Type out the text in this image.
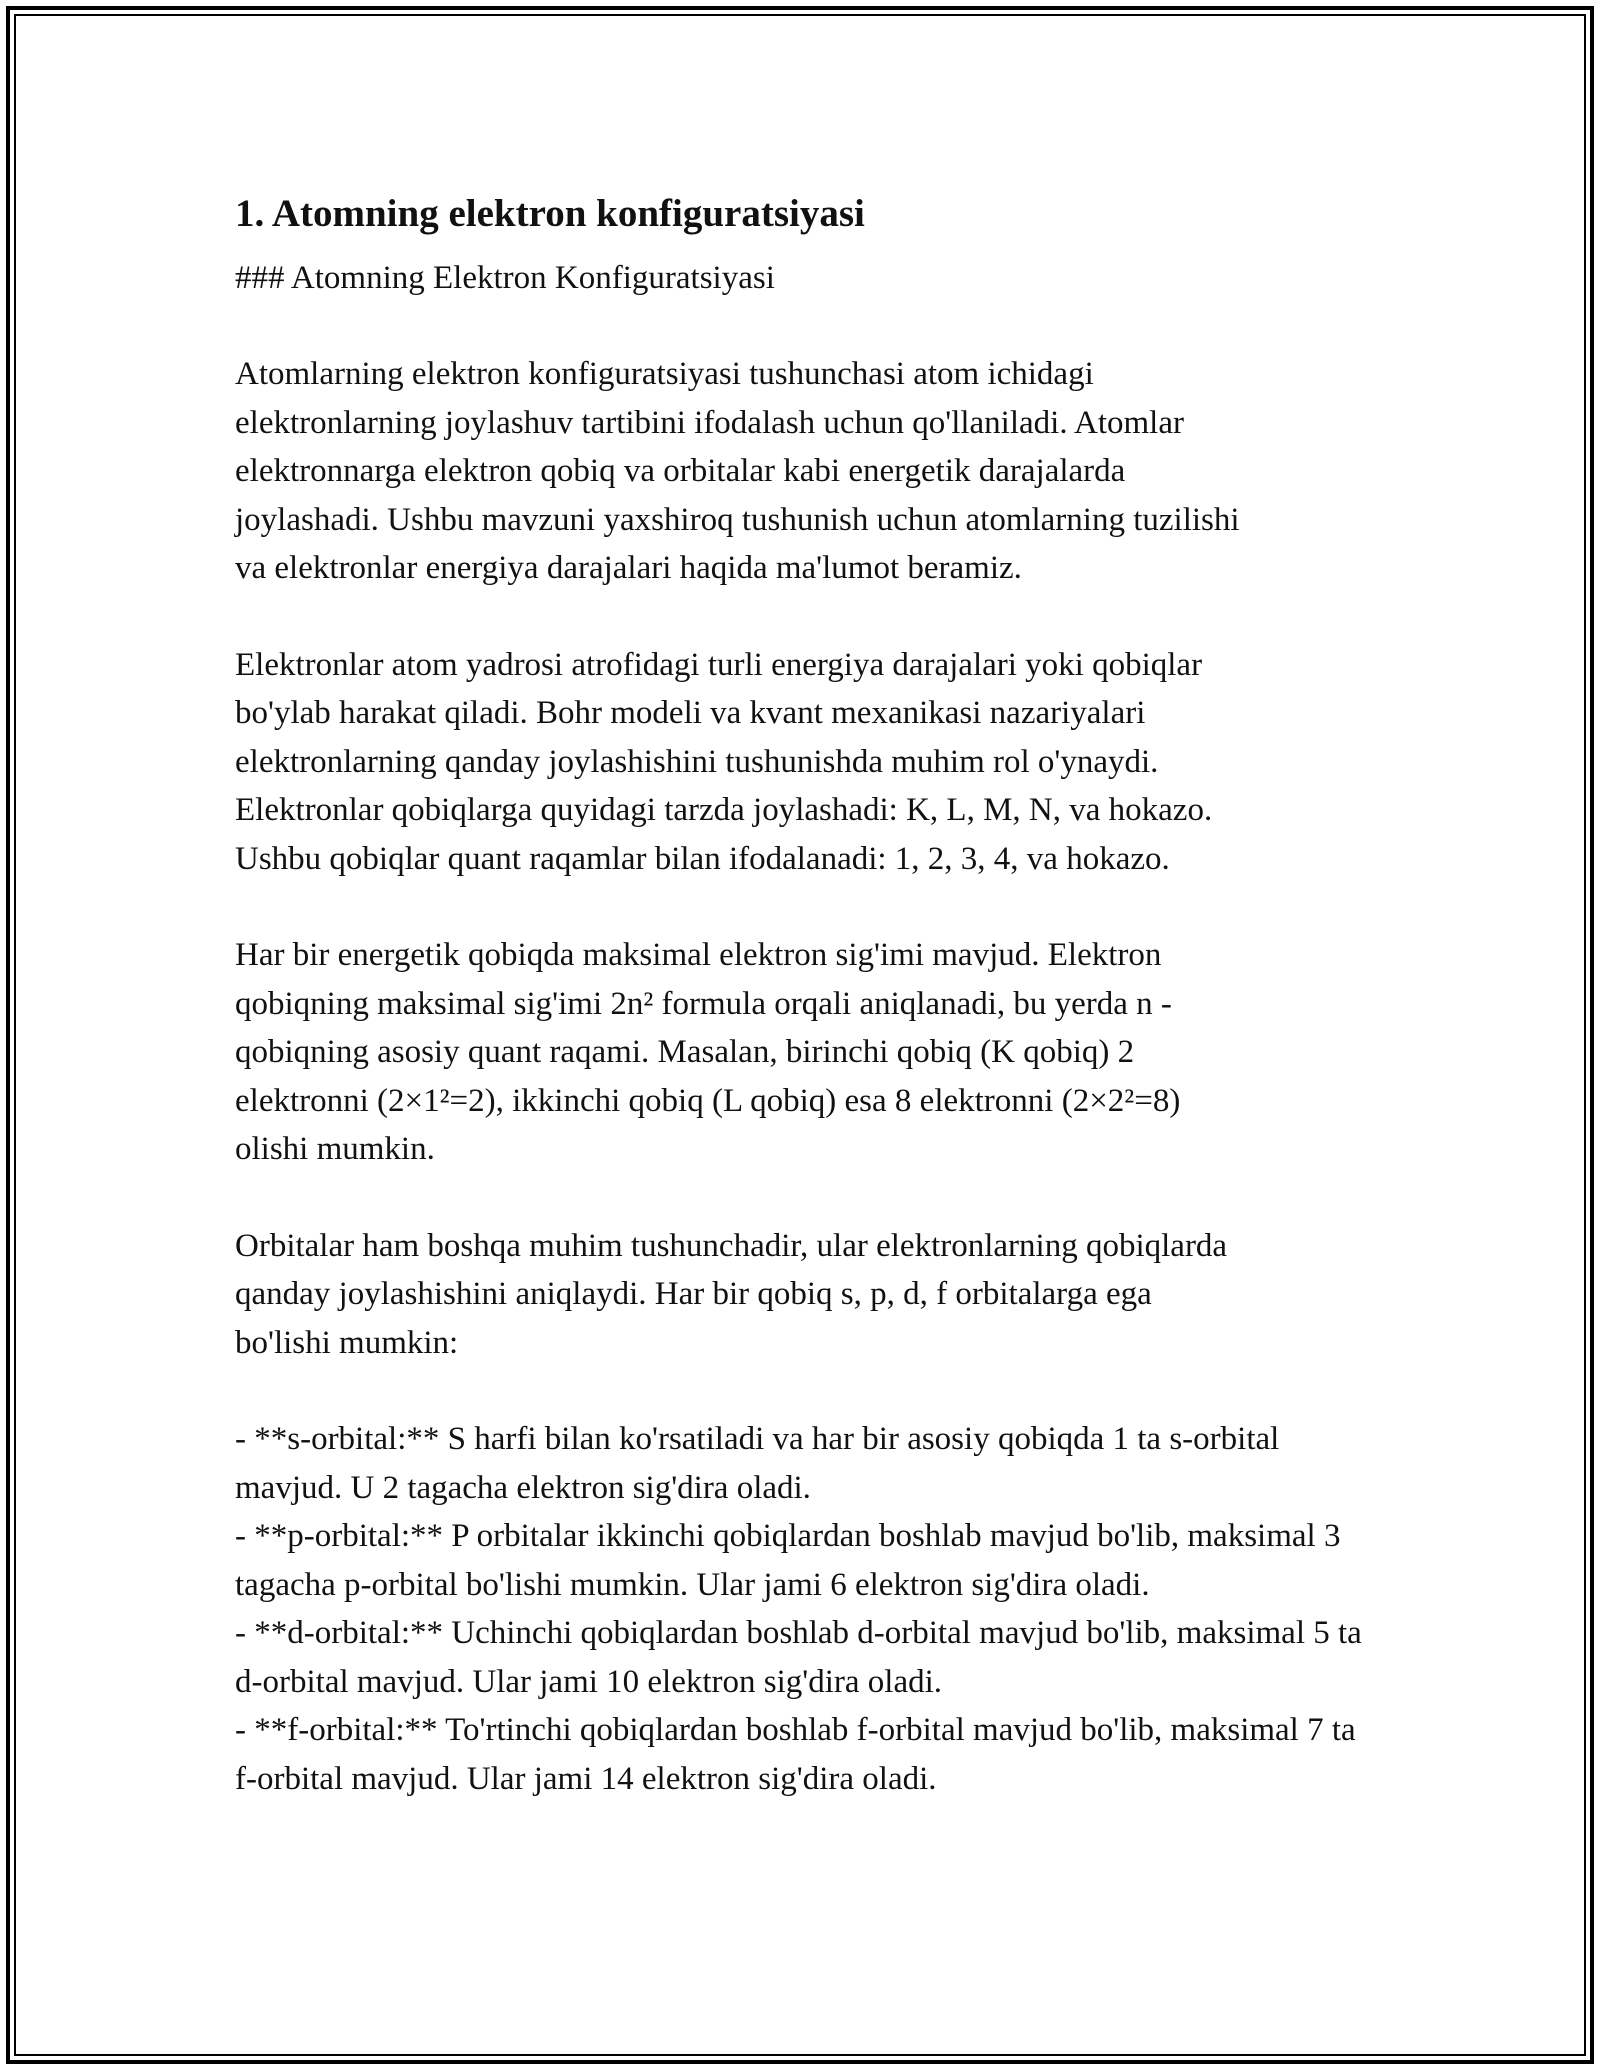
1. Atomning elektron konfiguratsiyasi

### Atomning Elektron Konfiguratsiyasi

Atomlarning elektron konfiguratsiyasi tushunchasi atom ichidagi
elektronlarning joylashuv tartibini ifodalash uchun qo'llaniladi. Atomlar
elektronnarga elektron qobiq va orbitalar kabi energetik darajalarda
joylashadi. Ushbu mavzuni yaxshiroq tushunish uchun atomlarning tuzilishi
va elektronlar energiya darajalari haqida ma'lumot beramiz.

Elektronlar atom yadrosi atrofidagi turli energiya darajalari yoki qobiqlar
bo'ylab harakat qiladi. Bohr modeli va kvant mexanikasi nazariyalari
elektronlarning qanday joylashishini tushunishda muhim rol o'ynaydi.
Elektronlar qobiqlarga quyidagi tarzda joylashadi: K, L, M, N, va hokazo.
Ushbu qobiqlar quant raqamlar bilan ifodalanadi: 1, 2, 3, 4, va hokazo.

Har bir energetik qobiqda maksimal elektron sig'imi mavjud. Elektron
qobiqning maksimal sig'imi 2n² formula orqali aniqlanadi, bu yerda n -
qobiqning asosiy quant raqami. Masalan, birinchi qobiq (K qobiq) 2
elektronni (2×1²=2), ikkinchi qobiq (L qobiq) esa 8 elektronni (2×2²=8)
olishi mumkin.

Orbitalar ham boshqa muhim tushunchadir, ular elektronlarning qobiqlarda
qanday joylashishini aniqlaydi. Har bir qobiq s, p, d, f orbitalarga ega
bo'lishi mumkin:

- **s-orbital:** S harfi bilan ko'rsatiladi va har bir asosiy qobiqda 1 ta s-orbital mavjud. U 2 tagacha elektron sig'dira oladi.
- **p-orbital:** P orbitalar ikkinchi qobiqlardan boshlab mavjud bo'lib, maksimal 3 tagacha p-orbital bo'lishi mumkin. Ular jami 6 elektron sig'dira oladi.
- **d-orbital:** Uchinchi qobiqlardan boshlab d-orbital mavjud bo'lib, maksimal 5 ta d-orbital mavjud. Ular jami 10 elektron sig'dira oladi.
- **f-orbital:** To'rtinchi qobiqlardan boshlab f-orbital mavjud bo'lib, maksimal 7 ta f-orbital mavjud. Ular jami 14 elektron sig'dira oladi.
